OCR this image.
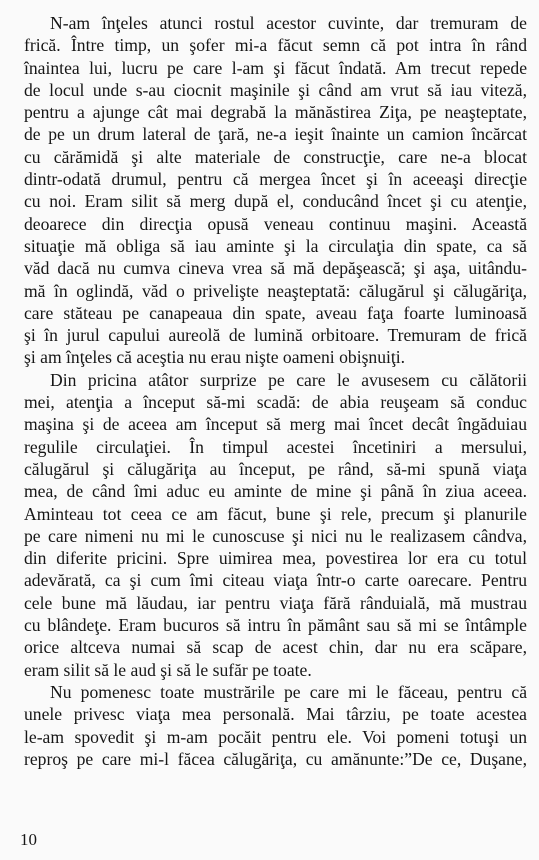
N-am înţeles atunci rostul acestor cuvinte, dar tremuram de
frică. Între timp, un şofer mi-a făcut semn că pot intra în rând
înaintea lui, lucru pe care l-am şi făcut îndată. Am trecut repede
de locul unde s-au ciocnit maşinile şi când am vrut să iau viteză,
pentru a ajunge cât mai degrabă la mănăstirea Ziţa, pe neaşteptate,
de pe un drum lateral de ţară, ne-a ieşit înainte un camion încărcat
cu cărămidă şi alte materiale de construcţie, care ne-a blocat
dintr-odată drumul, pentru că mergea încet şi în aceeaşi direcţie
cu noi. Eram silit să merg după el, conducând încet şi cu atenţie,
deoarece din direcţia opusă veneau continuu maşini. Această
situaţie mă obliga să iau aminte şi la circulaţia din spate, ca să
văd dacă nu cumva cineva vrea să mă depăşească; şi aşa, uitându-
mă în oglindă, văd o privelişte neaşteptată: călugărul şi călugăriţa,
care stăteau pe canapeaua din spate, aveau faţa foarte luminoasă
şi în jurul capului aureolă de lumină orbitoare. Tremuram de frică
şi am înţeles că aceştia nu erau nişte oameni obişnuiţi.
Din pricina atâtor surprize pe care le avusesem cu călătorii
mei, atenţia a început să-mi scadă: de abia reuşeam să conduc
maşina şi de aceea am început să merg mai încet decât îngăduiau
regulile circulaţiei. În timpul acestei încetiniri a mersului,
călugărul şi călugăriţa au început, pe rând, să-mi spună viaţa
mea, de când îmi aduc eu aminte de mine şi până în ziua aceea.
Aminteau tot ceea ce am făcut, bune şi rele, precum şi planurile
pe care nimeni nu mi le cunoscuse şi nici nu le realizasem cândva,
din diferite pricini. Spre uimirea mea, povestirea lor era cu totul
adevărată, ca şi cum îmi citeau viaţa într-o carte oarecare. Pentru
cele bune mă lăudau, iar pentru viaţa fără rânduială, mă mustrau
cu blândeţe. Eram bucuros să intru în pământ sau să mi se întâmple
orice altceva numai să scap de acest chin, dar nu era scăpare,
eram silit să le aud şi să le sufăr pe toate.
Nu pomenesc toate mustrările pe care mi le făceau, pentru că
unele privesc viaţa mea personală. Mai târziu, pe toate acestea
le-am spovedit şi m-am pocăit pentru ele. Voi pomeni totuşi un
reproş pe care mi-l făcea călugăriţa, cu amănunte:”De ce, Duşane,
10
